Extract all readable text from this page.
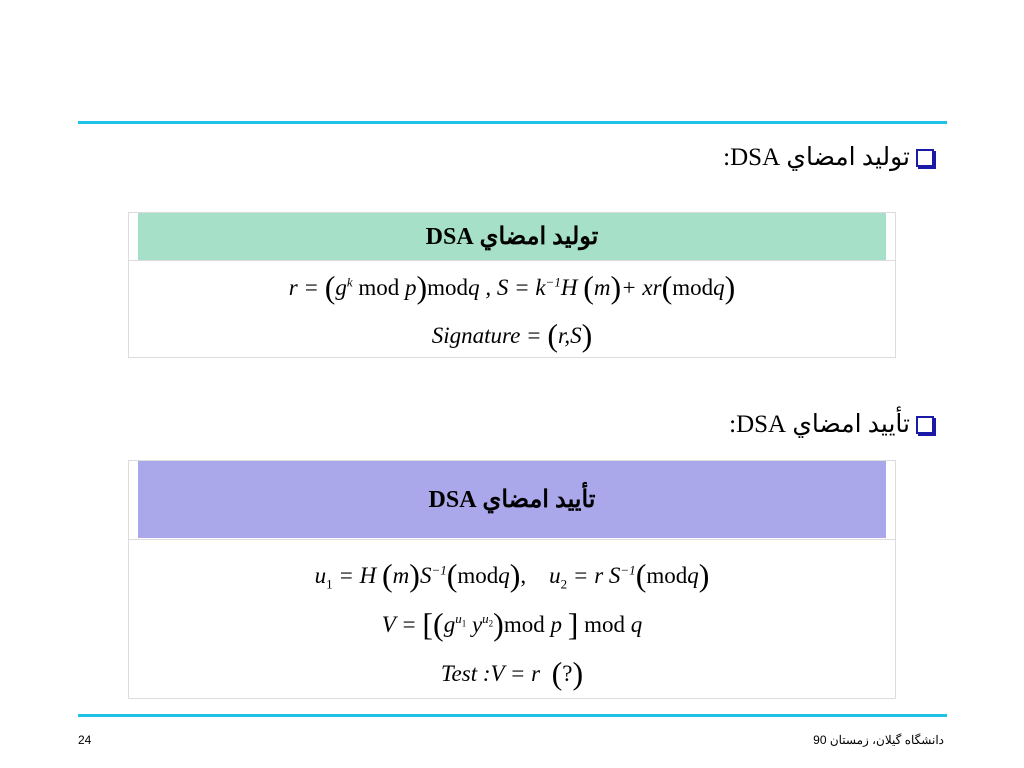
توليد امضاي DSA:
توليد امضاي DSA
$r = (g^k$ mod p)modq , $S = k^{-1}H$ (m)+ xr(modq)
Signature = (r,S)
تأييد امضاي DSA:
تأييد امضاي DSA
$u_1 = H$ $(m)S^{-1}(modq)$, $u_2 = r$ $S^{-1}(modq)$
$V = [(g^{u_1}$ $y^{u_2})mod$ p ] mod q
Test :V = r (?)
24	دانشگاه گيلان، زمستان 90
